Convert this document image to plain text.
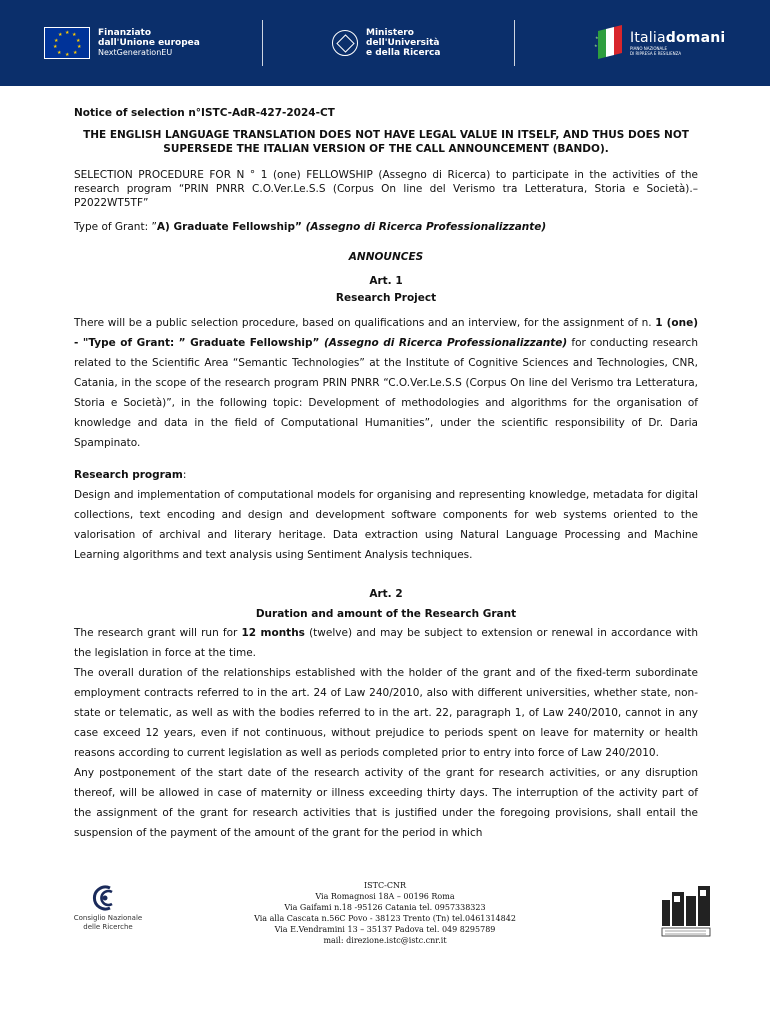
★ ★
★
★
★
★
★
★
★
★	Finanziato
dall'Unione europea
NextGenerationEU
Ministero
dell'Università
e della Ricerca
★
★ Italiadomani
PIANO NAZIONALE
DI RIPRESA E RESILIENZA

Notice of selection n°ISTC-AdR-427-2024-CT

THE ENGLISH LANGUAGE TRANSLATION DOES NOT HAVE LEGAL VALUE IN ITSELF, AND THUS DOES NOT SUPERSEDE THE ITALIAN VERSION OF THE CALL ANNOUNCEMENT (BANDO).

SELECTION PROCEDURE FOR N ° 1 (one) FELLOWSHIP (Assegno di Ricerca) to participate in the activities of the research program “PRIN PNRR C.O.Ver.Le.S.S (Corpus On line del Verismo tra Letteratura, Storia e Società).– P2022WT5TF”

Type of Grant: ”A) Graduate Fellowship” (Assegno di Ricerca Professionalizzante)

ANNOUNCES

Art. 1

Research Project

There will be a public selection procedure, based on qualifications and an interview, for the assignment of n. 1 (one) - "Type of Grant: ” Graduate Fellowship” (Assegno di Ricerca Professionalizzante) for conducting research related to the Scientific Area “Semantic Technologies” at the Institute of Cognitive Sciences and Technologies, CNR, Catania, in the scope of the research program PRIN PNRR “C.O.Ver.Le.S.S (Corpus On line del Verismo tra Letteratura, Storia e Società)”, in the following topic: Development of methodologies and algorithms for the organisation of knowledge and data in the field of Computational Humanities”, under the scientific responsibility of Dr. Daria Spampinato.

Research program:

Design and implementation of computational models for organising and representing knowledge, metadata for digital collections, text encoding and design and development software components for web systems oriented to the valorisation of archival and literary heritage. Data extraction using Natural Language Processing and Machine Learning algorithms and text analysis using Sentiment Analysis techniques.

Art. 2

Duration and amount of the Research Grant

The research grant will run for 12 months (twelve) and may be subject to extension or renewal in accordance with the legislation in force at the time.

The overall duration of the relationships established with the holder of the grant and of the fixed-term subordinate employment contracts referred to in the art. 24 of Law 240/2010, also with different universities, whether state, non-state or telematic, as well as with the bodies referred to in the art. 22, paragraph 1, of Law 240/2010, cannot in any case exceed 12 years, even if not continuous, without prejudice to periods spent on leave for maternity or health reasons according to current legislation as well as periods completed prior to entry into force of Law 240/2010.

Any postponement of the start date of the research activity of the grant for research activities, or any disruption thereof, will be allowed in case of maternity or illness exceeding thirty days. The interruption of the activity part of the assignment of the grant for research activities that is justified under the foregoing provisions, shall entail the suspension of the payment of the amount of the grant for the period in which

Consiglio Nazionale
delle Ricerche
ISTC-CNR
Via Romagnosi 18A – 00196 Roma
Via Gaifami n.18 -95126 Catania tel. 0957338323
Via alla Cascata n.56C Povo - 38123 Trento (Tn) tel.0461314842
Via E.Vendramini 13 – 35137 Padova tel. 049 8295789
mail: direzione.istc@istc.cnr.it
